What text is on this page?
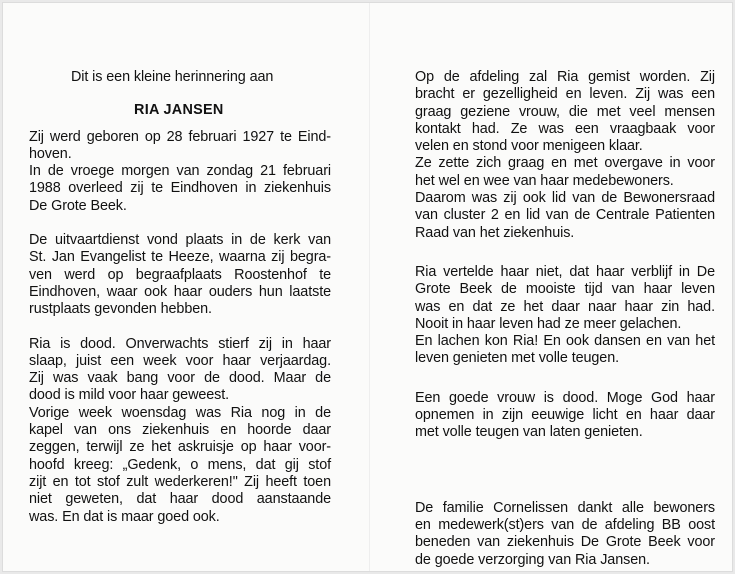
Dit is een kleine herinnering aan
RIA JANSEN
Zij werd geboren op 28 februari 1927 te Eind-
hoven.
In de vroege morgen van zondag 21 februari
1988 overleed zij te Eindhoven in ziekenhuis
De Grote Beek.
De uitvaartdienst vond plaats in de kerk van
St. Jan Evangelist te Heeze, waarna zij begra-
ven werd op begraafplaats Roostenhof te
Eindhoven, waar ook haar ouders hun laatste
rustplaats gevonden hebben.
Ria is dood. Onverwachts stierf zij in haar
slaap, juist een week voor haar verjaardag.
Zij was vaak bang voor de dood. Maar de
dood is mild voor haar geweest.
Vorige week woensdag was Ria nog in de
kapel van ons ziekenhuis en hoorde daar
zeggen, terwijl ze het askruisje op haar voor-
hoofd kreeg: „Gedenk, o mens, dat gij stof
zijt en tot stof zult wederkeren!" Zij heeft toen
niet geweten, dat haar dood aanstaande
was. En dat is maar goed ook.
Op de afdeling zal Ria gemist worden. Zij
bracht er gezelligheid en leven. Zij was een
graag geziene vrouw, die met veel mensen
kontakt had. Ze was een vraagbaak voor
velen en stond voor menigeen klaar.
Ze zette zich graag en met overgave in voor
het wel en wee van haar medebewoners.
Daarom was zij ook lid van de Bewonersraad
van cluster 2 en lid van de Centrale Patienten
Raad van het ziekenhuis.
Ria vertelde haar niet, dat haar verblijf in De
Grote Beek de mooiste tijd van haar leven
was en dat ze het daar naar haar zin had.
Nooit in haar leven had ze meer gelachen.
En lachen kon Ria! En ook dansen en van het
leven genieten met volle teugen.
Een goede vrouw is dood. Moge God haar
opnemen in zijn eeuwige licht en haar daar
met volle teugen van laten genieten.
De familie Cornelissen dankt alle bewoners
en medewerk(st)ers van de afdeling BB oost
beneden van ziekenhuis De Grote Beek voor
de goede verzorging van Ria Jansen.
